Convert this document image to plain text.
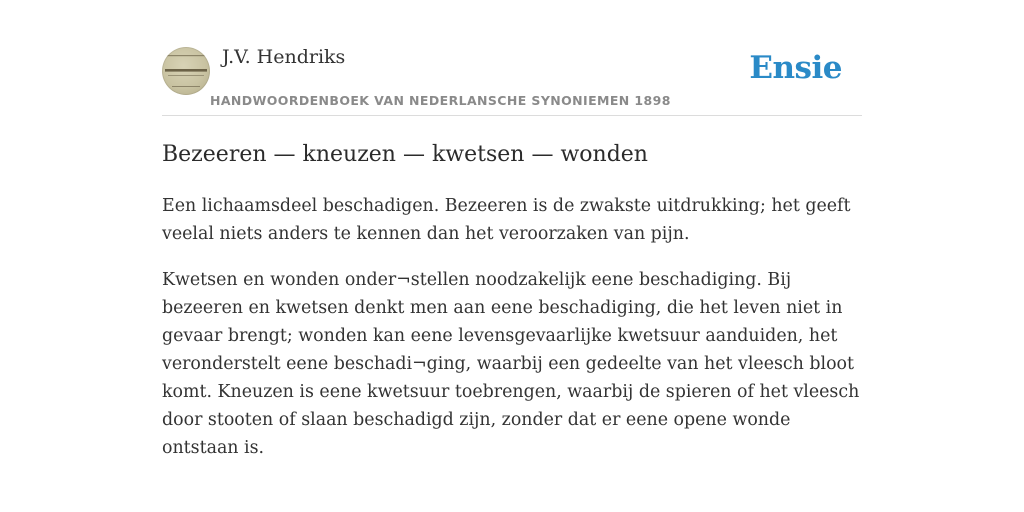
J.V. Hendriks
HANDWOORDENBOEK VAN NEDERLANSCHE SYNONIEMEN 1898
Ensie
Bezeeren — kneuzen — kwetsen — wonden

Een lichaamsdeel beschadigen. Bezeeren is de zwakste uitdrukking; het geeft veelal niets anders te kennen dan het veroorzaken van pijn.

Kwetsen en wonden onder¬stellen noodzakelijk eene beschadiging. Bij bezeeren en kwetsen denkt men aan eene beschadiging, die het leven niet in gevaar brengt; wonden kan eene levensgevaarlijke kwetsuur aanduiden, het veronderstelt eene beschadi¬ging, waarbij een gedeelte van het vleesch bloot komt. Kneuzen is eene kwetsuur toebrengen, waarbij de spieren of het vleesch door stooten of slaan beschadigd zijn, zonder dat er eene opene wonde ontstaan is.
